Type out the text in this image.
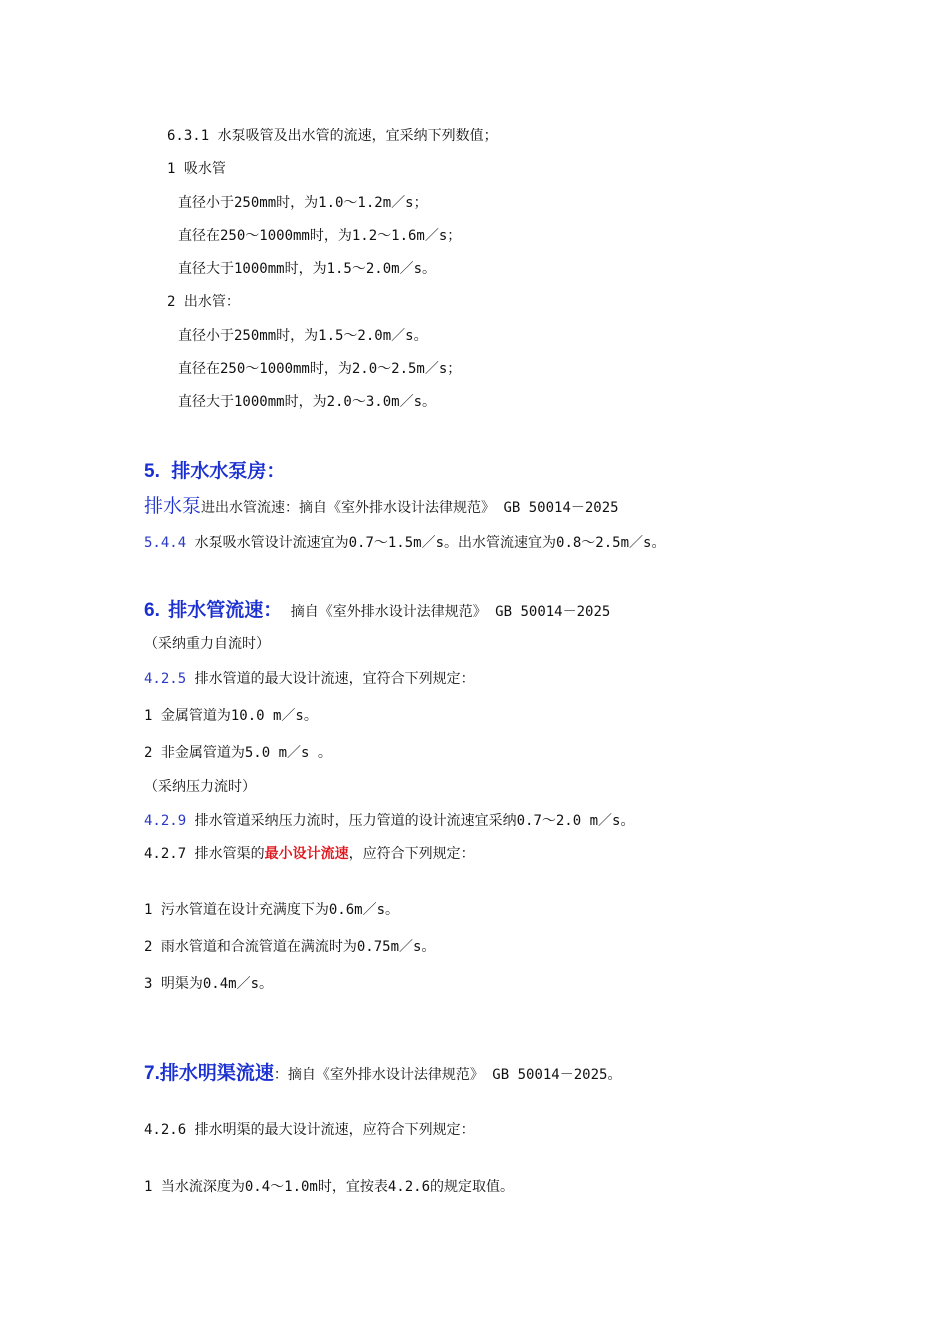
6.3.1 水泵吸管及出水管的流速，宜采纳下列数值；
1 吸水管
直径小于250mm时，为1.0～1.2m／s；
直径在250～1000mm时，为1.2～1.6m／s；
直径大于1000mm时，为1.5～2.0m／s。
2 出水管：
直径小于250mm时，为1.5～2.0m／s。
直径在250～1000mm时，为2.0～2.5m／s；
直径大于1000mm时，为2.0～3.0m／s。
5. 排水水泵房：
排水泵进出水管流速：摘自《室外排水设计法律规范》 GB 50014－2025
5.4.4 水泵吸水管设计流速宜为0.7～1.5m／s。出水管流速宜为0.8～2.5m／s。
6. 排水管流速： 摘自《室外排水设计法律规范》 GB 50014－2025
（采纳重力自流时）
4.2.5 排水管道的最大设计流速，宜符合下列规定：
1 金属管道为10.0 m／s。
2 非金属管道为5.0 m／s 。
（采纳压力流时）
4.2.9 排水管道采纳压力流时，压力管道的设计流速宜采纳0.7～2.0 m／s。
4.2.7 排水管渠的最小设计流速，应符合下列规定：
1 污水管道在设计充满度下为0.6m／s。
2 雨水管道和合流管道在满流时为0.75m／s。
3 明渠为0.4m／s。
7.排水明渠流速：摘自《室外排水设计法律规范》 GB 50014－2025。
4.2.6 排水明渠的最大设计流速，应符合下列规定：
1 当水流深度为0.4～1.0m时，宜按表4.2.6的规定取值。
